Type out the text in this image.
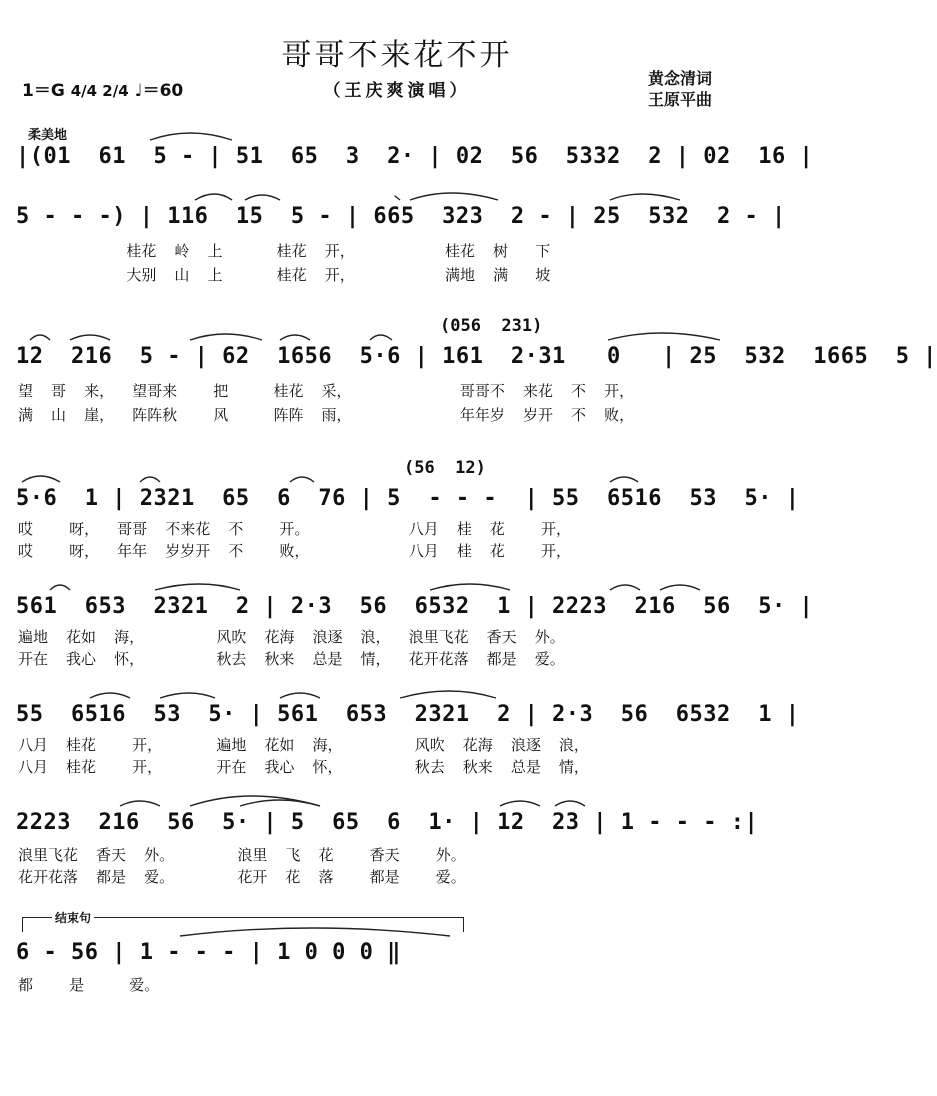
哥哥不来花不开
（王庆爽演唱）
1＝G 4/4 2/4 ♩＝60
黄念清词
王原平曲
柔美地
|(01  61  5 - | 51  65  3  2· | 02  56  5332  2 | 02  16 |
5 - - -) | 116  15  5 - | 665  323  2 - | 25  532  2 - |
桂花  岭  上      桂花  开，          桂花  树   下
大别  山  上      桂花  开，          满地  满   坡
(056  231)
12  216  5 - | 62  1656  5·6 | 161  2·31   0   | 25  532  1665  5 |
望  哥  来，  望哥来    把     桂花  采，            哥哥不  来花  不  开，
满  山  崖，  阵阵秋    风     阵阵  雨，            年年岁  岁开  不  败，
(56  12)
5·6  1 | 2321  65  6  76 | 5  - - -  | 55  6516  53  5· |
哎    呀，  哥哥  不来花  不    开。           八月  桂  花    开，
哎    呀，  年年  岁岁开  不    败，           八月  桂  花    开，
561  653  2321  2 | 2·3  56  6532  1 | 2223  216  56  5· |
遍地  花如  海，        风吹  花海  浪逐  浪，  浪里飞花  香天  外。
开在  我心  怀，        秋去  秋来  总是  情，  花开花落  都是  爱。
55  6516  53  5· | 561  653  2321  2 | 2·3  56  6532  1 |
八月  桂花    开，      遍地  花如  海，        风吹  花海  浪逐  浪，
八月  桂花    开，      开在  我心  怀，        秋去  秋来  总是  情，
2223  216  56  5· | 5  65  6  1· | 12  23 | 1 - - - :|
浪里飞花  香天  外。       浪里  飞  花    香天    外。
花开花落  都是  爱。       花开  花  落    都是    爱。
结束句
6 - 56 | 1 - - - | 1 0 0 0 ‖
都    是     爱。
